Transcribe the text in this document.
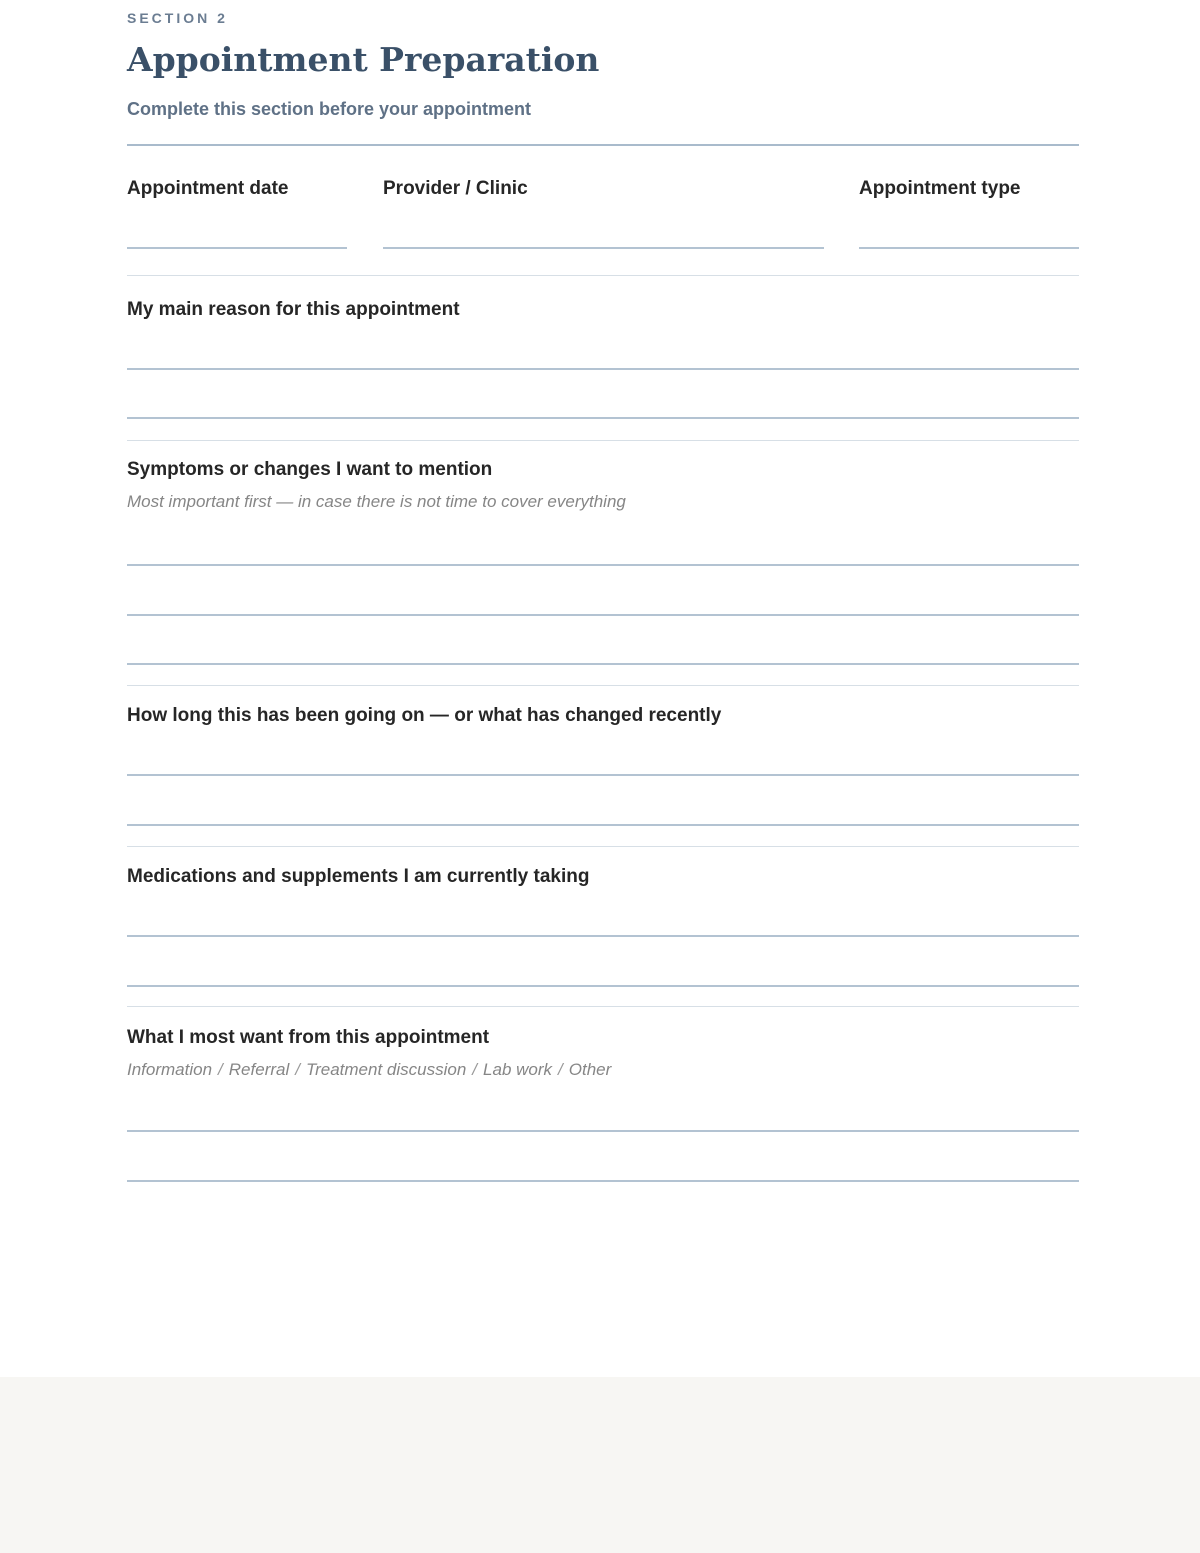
SECTION 2
Appointment Preparation
Complete this section before your appointment
Appointment date	Provider / Clinic	Appointment type
My main reason for this appointment
Symptoms or changes I want to mention
Most important first — in case there is not time to cover everything
How long this has been going on — or what has changed recently
Medications and supplements I am currently taking
What I most want from this appointment
Information / Referral / Treatment discussion / Lab work / Other
